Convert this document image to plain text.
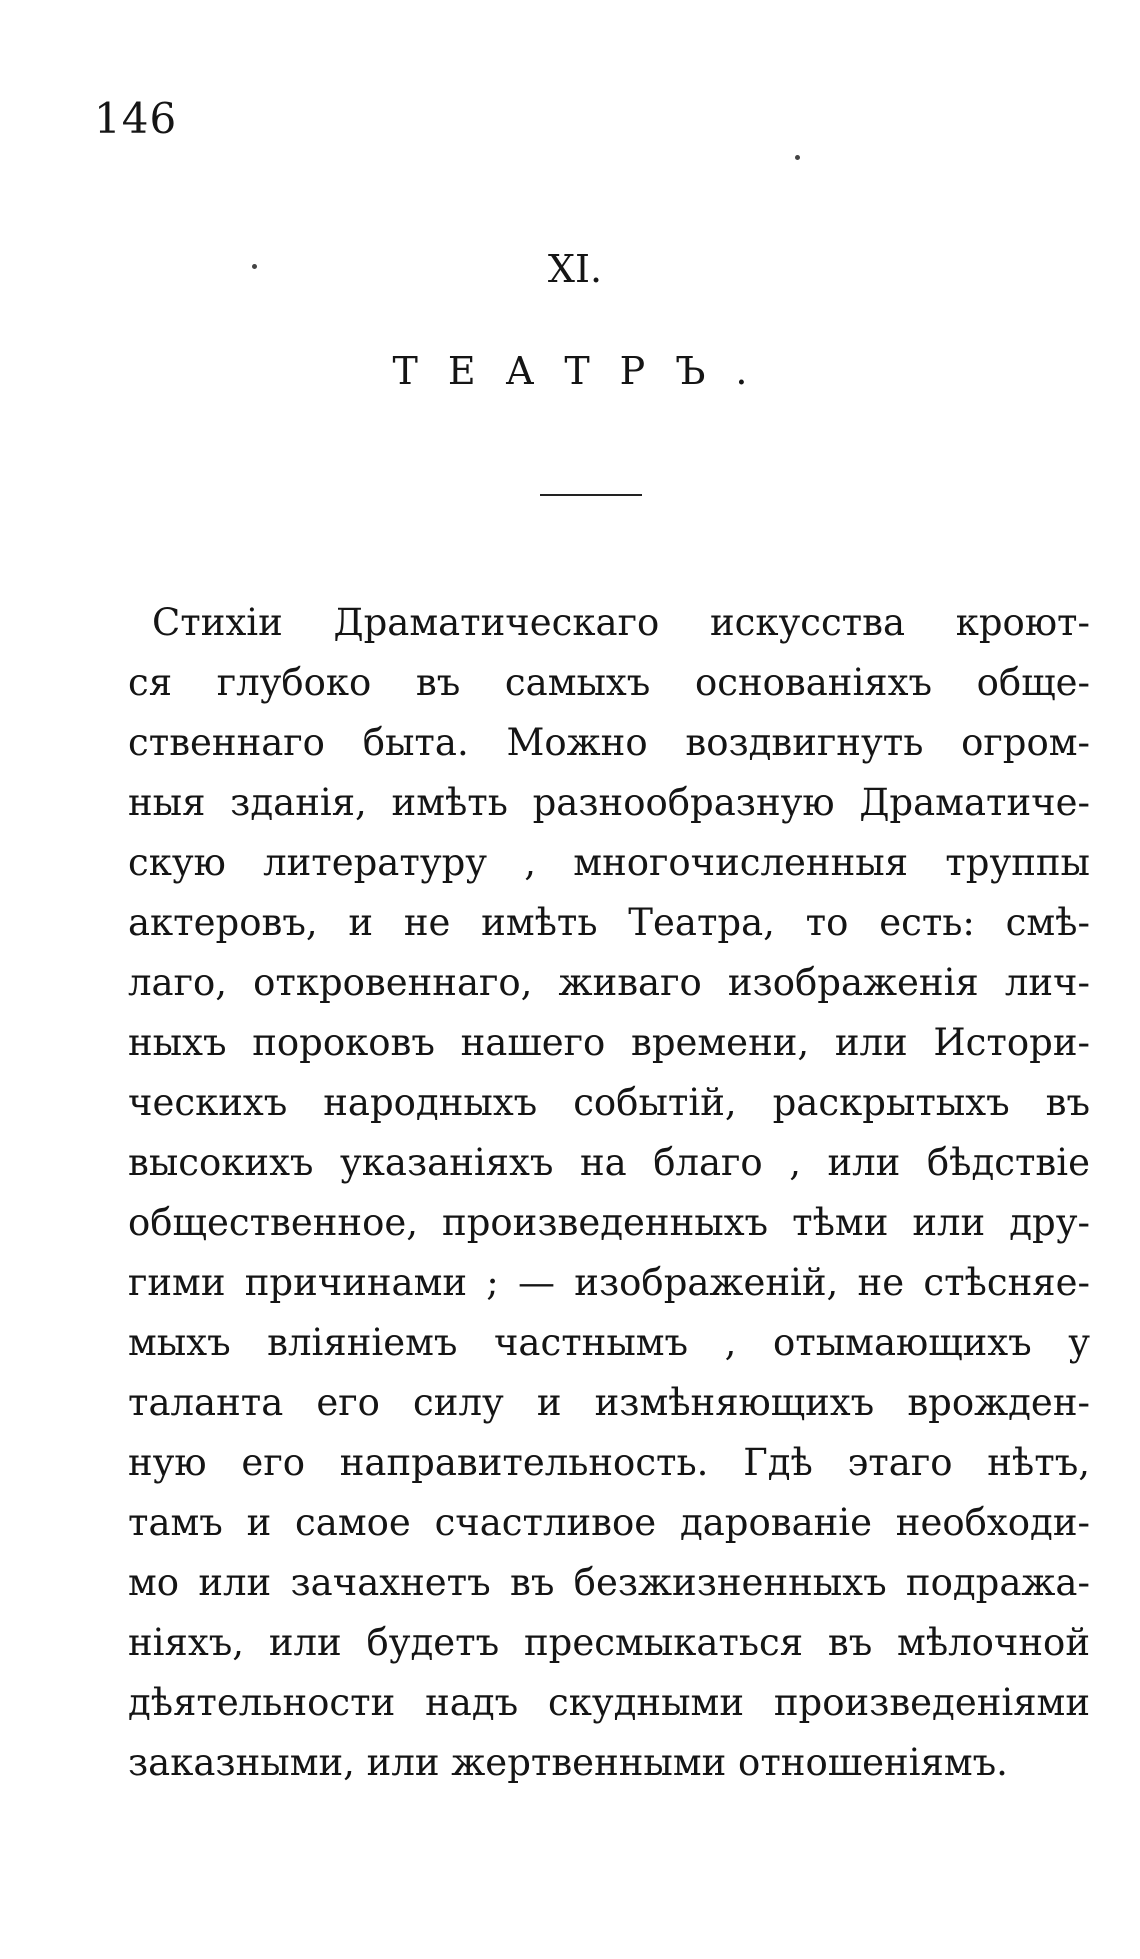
146
XI.
ТЕАТРЪ.
Стихіи Драматическаго искусства кроют-
ся глубоко въ самыхъ основаніяхъ обще-
ственнаго быта. Можно воздвигнуть огром-
ныя зданія, имѣть разнообразную Драматиче-
скую литературу , многочисленныя труппы
актеровъ, и не имѣть Театра, то есть: смѣ-
лаго, откровеннаго, живаго изображенія лич-
ныхъ пороковъ нашего времени, или Истори-
ческихъ народныхъ событій, раскрытыхъ въ
высокихъ указаніяхъ на благо , или бѣдствіе
общественное, произведенныхъ тѣми или дру-
гими причинами ; — изображеній, не стѣсняе-
мыхъ вліяніемъ частнымъ , отымающихъ у
таланта его силу и измѣняющихъ врожден-
ную его направительность. Гдѣ этаго нѣтъ,
тамъ и самое счастливое дарованіе необходи-
мо или зачахнетъ въ безжизненныхъ подража-
ніяхъ, или будетъ пресмыкаться въ мѣлочной
дѣятельности надъ скудными произведеніями
заказными, или жертвенными отношеніямъ.
